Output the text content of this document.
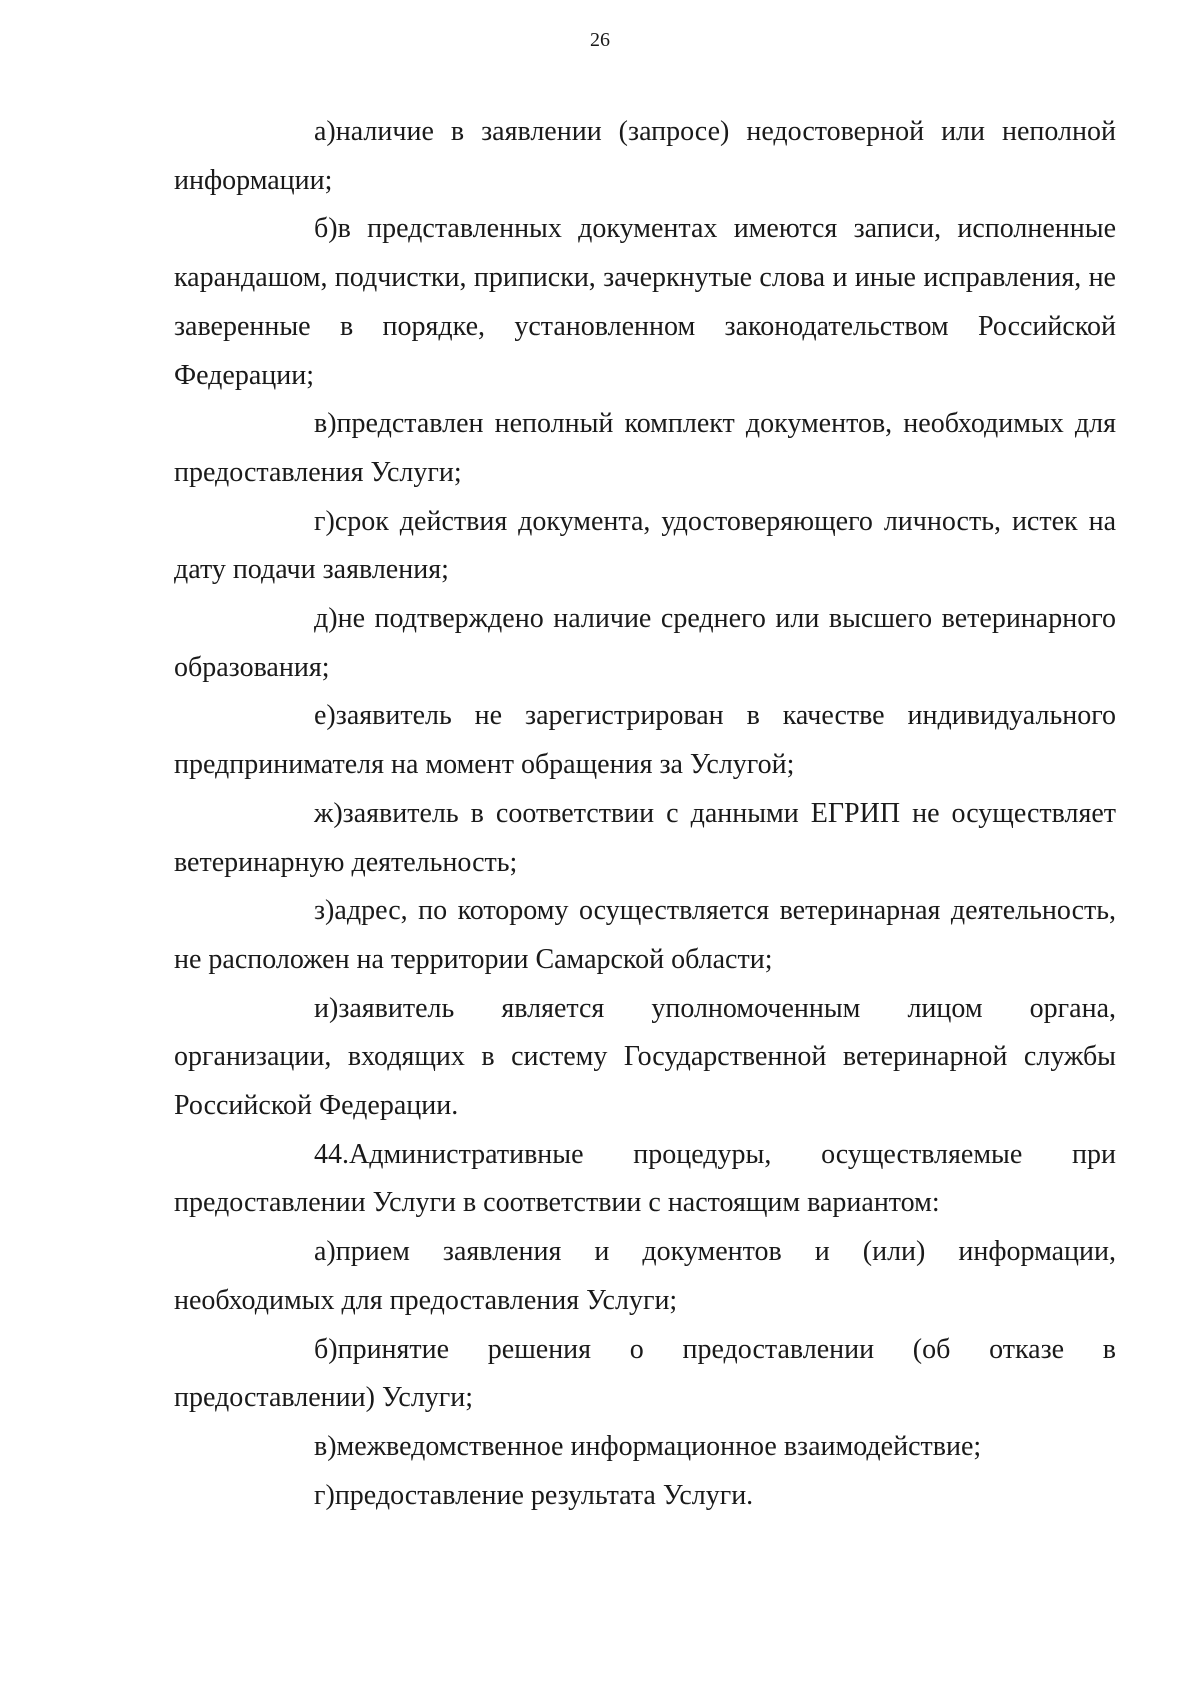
26

а)наличие в заявлении (запросе) недостоверной или неполной информации;

б)в представленных документах имеются записи, исполненные карандашом, подчистки, приписки, зачеркнутые слова и иные исправления, не заверенные в порядке, установленном законодательством Российской Федерации;

в)представлен неполный комплект документов, необходимых для предоставления Услуги;

г)срок действия документа, удостоверяющего личность, истек на дату подачи заявления;

д)не подтверждено наличие среднего или высшего ветеринарного образования;

е)заявитель не зарегистрирован в качестве индивидуального предпринимателя на момент обращения за Услугой;

ж)заявитель в соответствии с данными ЕГРИП не осуществляет ветеринарную деятельность;

з)адрес, по которому осуществляется ветеринарная деятельность, не расположен на территории Самарской области;

и)заявитель является уполномоченным лицом органа, организации, входящих в систему Государственной ветеринарной службы Российской Федерации.

44.Административные процедуры, осуществляемые при предоставлении Услуги в соответствии с настоящим вариантом:

а)прием заявления и документов и (или) информации, необходимых для предоставления Услуги;

б)принятие решения о предоставлении (об отказе в предоставлении) Услуги;

в)межведомственное информационное взаимодействие;

г)предоставление результата Услуги.
